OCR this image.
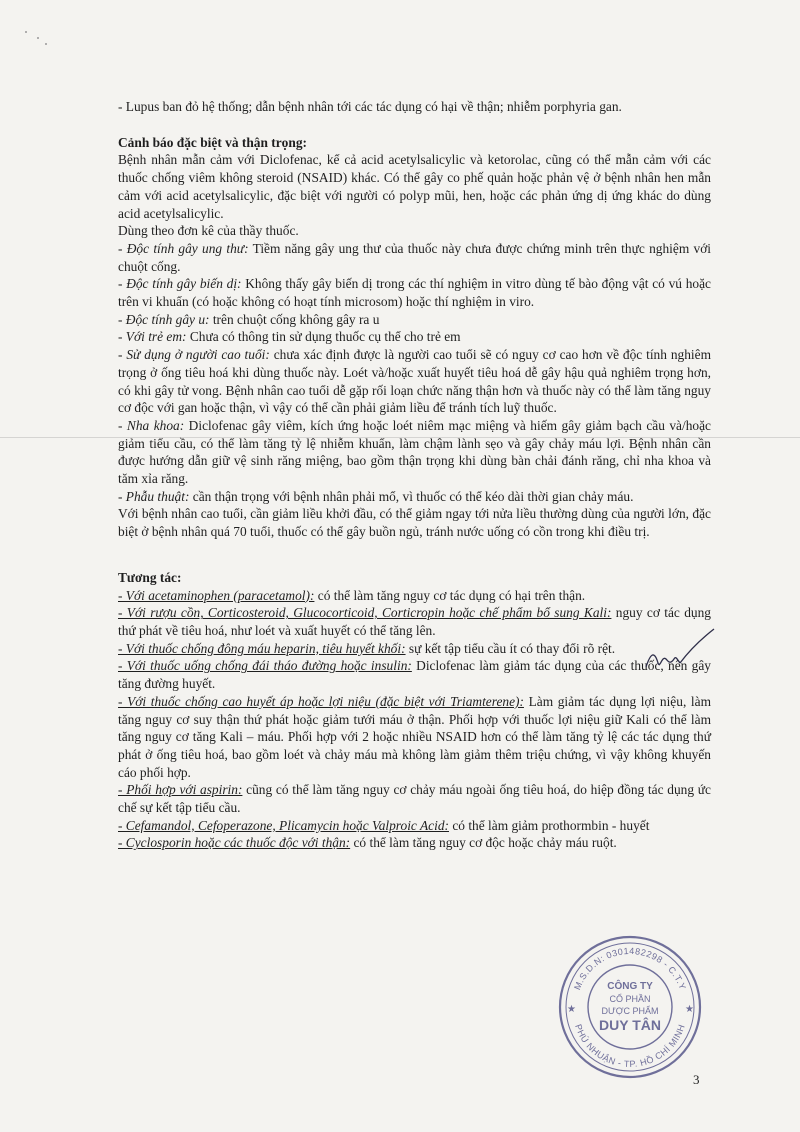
- Lupus ban đỏ hệ thống; dẫn bệnh nhân tới các tác dụng có hại về thận; nhiễm porphyria gan.

Cảnh báo đặc biệt và thận trọng:

Bệnh nhân mẫn cảm với Diclofenac, kể cả acid acetylsalicylic và ketorolac, cũng có thể mẫn cảm với các thuốc chống viêm không steroid (NSAID) khác. Có thể gây co phế quản hoặc phản vệ ở bệnh nhân hen mẫn cảm với acid acetylsalicylic, đặc biệt với người có polyp mũi, hen, hoặc các phản ứng dị ứng khác do dùng acid acetylsalicylic.

Dùng theo đơn kê của thầy thuốc.

- Độc tính gây ung thư: Tiềm năng gây ung thư của thuốc này chưa được chứng minh trên thực nghiệm với chuột cống.

- Độc tính gây biến dị: Không thấy gây biến dị trong các thí nghiệm in vitro dùng tế bào động vật có vú hoặc trên vi khuẩn (có hoặc không có hoạt tính microsom) hoặc thí nghiệm in viro.

- Độc tính gây u: trên chuột cống không gây ra u

- Với trẻ em: Chưa có thông tin sử dụng thuốc cụ thể cho trẻ em

- Sử dụng ở người cao tuổi: chưa xác định được là người cao tuổi sẽ có nguy cơ cao hơn về độc tính nghiêm trọng ở ống tiêu hoá khi dùng thuốc này. Loét và/hoặc xuất huyết tiêu hoá dễ gây hậu quả nghiêm trọng hơn, có khi gây tử vong. Bệnh nhân cao tuổi dễ gặp rối loạn chức năng thận hơn và thuốc này có thể làm tăng nguy cơ độc với gan hoặc thận, vì vậy có thể cần phải giảm liều để tránh tích luỹ thuốc.

- Nha khoa: Diclofenac gây viêm, kích ứng hoặc loét niêm mạc miệng và hiếm gây giảm bạch cầu và/hoặc giảm tiểu cầu, có thể làm tăng tỷ lệ nhiễm khuẩn, làm chậm lành sẹo và gây chảy máu lợi. Bệnh nhân cần được hướng dẫn giữ vệ sinh răng miệng, bao gồm thận trọng khi dùng bàn chải đánh răng, chỉ nha khoa và tăm xỉa răng.

- Phẫu thuật: cần thận trọng với bệnh nhân phải mổ, vì thuốc có thể kéo dài thời gian chảy máu.

Với bệnh nhân cao tuổi, cần giảm liều khởi đầu, có thể giảm ngay tới nửa liều thường dùng của người lớn, đặc biệt ở bệnh nhân quá 70 tuổi, thuốc có thể gây buồn ngủ, tránh nước uống có cồn trong khi điều trị.

Tương tác:

- Với acetaminophen (paracetamol): có thể làm tăng nguy cơ tác dụng có hại trên thận.

- Với rượu cồn, Corticosteroid, Glucocorticoid, Corticropin hoặc chế phẩm bổ sung Kali: nguy cơ tác dụng thứ phát về tiêu hoá, như loét và xuất huyết có thể tăng lên.

- Với thuốc chống đông máu heparin, tiêu huyết khối: sự kết tập tiểu cầu ít có thay đổi rõ rệt.

- Với thuốc uống chống đái tháo đường hoặc insulin: Diclofenac làm giảm tác dụng của các thuốc, nên gây tăng đường huyết.

- Với thuốc chống cao huyết áp hoặc lợi niệu (đặc biệt với Triamterene): Làm giảm tác dụng lợi niệu, làm tăng nguy cơ suy thận thứ phát hoặc giảm tưới máu ở thận. Phối hợp với thuốc lợi niệu giữ Kali có thể làm tăng nguy cơ tăng Kali – máu. Phối hợp với 2 hoặc nhiều NSAID hơn có thể làm tăng tỷ lệ các tác dụng thứ phát ở ống tiêu hoá, bao gồm loét và chảy máu mà không làm giảm thêm triệu chứng, vì vậy không khuyến cáo phối hợp.

- Phối hợp với aspirin: cũng có thể làm tăng nguy cơ chảy máu ngoài ống tiêu hoá, do hiệp đồng tác dụng ức chế sự kết tập tiểu cầu.

- Cefamandol, Cefoperazone, Plicamycin hoặc Valproic Acid: có thể làm giảm prothormbin - huyết

- Cyclosporin hoặc các thuốc độc với thận: có thể làm tăng nguy cơ độc hoặc chảy máu ruột.

M.S.D.N: 0301482298 - C.T.Y
PHÚ NHUẬN - TP. HỒ CHÍ MINH
★	★
CÔNG TY
CỔ PHẦN
DƯỢC PHẨM
DUY TÂN
3
